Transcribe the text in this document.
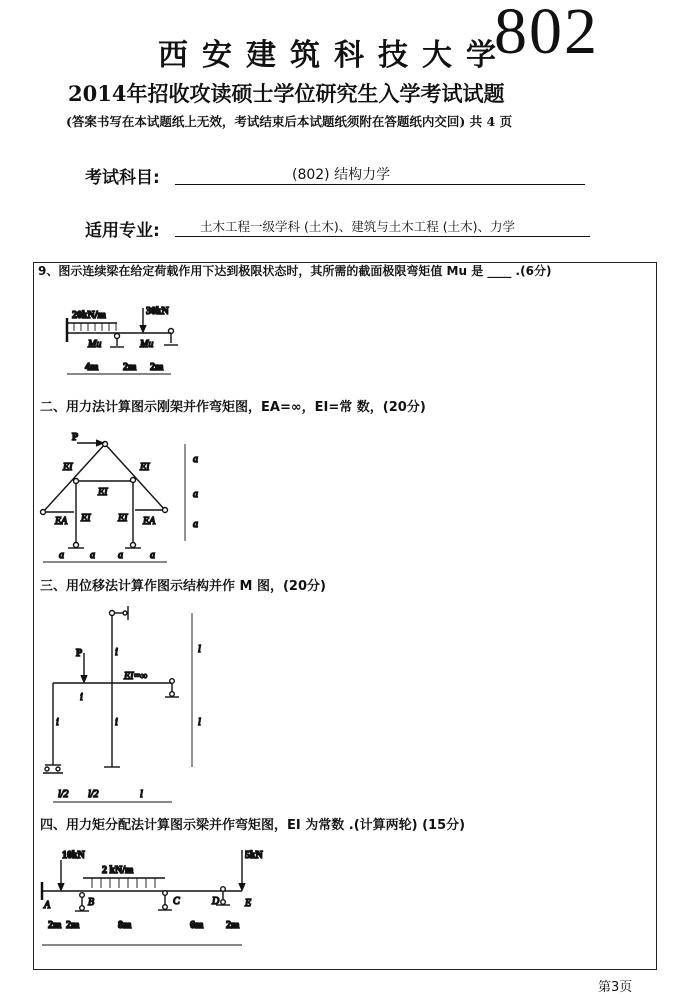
西安建筑科技大学
802
2014年招收攻读硕士学位研究生入学考试试题
(答案书写在本试题纸上无效，考试结束后本试题纸须附在答题纸内交回) 共 4 页
考试科目:	(802) 结构力学
适用专业:	土木工程一级学科 (土木)、建筑与土木工程 (土木)、力学
9、图示连续梁在给定荷载作用下达到极限状态时，其所需的截面极限弯矩值 Mu 是 ____ .(6分)
二、用力法计算图示刚架并作弯矩图，EA=∞，EI=常 数，(20分)
三、用位移法计算作图示结构并作 M 图，(20分)
四、用力矩分配法计算图示梁并作弯矩图，EI 为常数 .(计算两轮) (15分)
20kN/m	30kN
Mu	Mu
4m 2m 2m
P
EI	EI
EI
EI	EI
EA	EA
a	a a	a
a
a
a
P	i
i
i	i
EI=∞
l
l
l/2 l/2	l
10kN
2 kN/m
5kN
A	B	C	D	E
2m 2m	8m	6m 2m
第3页
